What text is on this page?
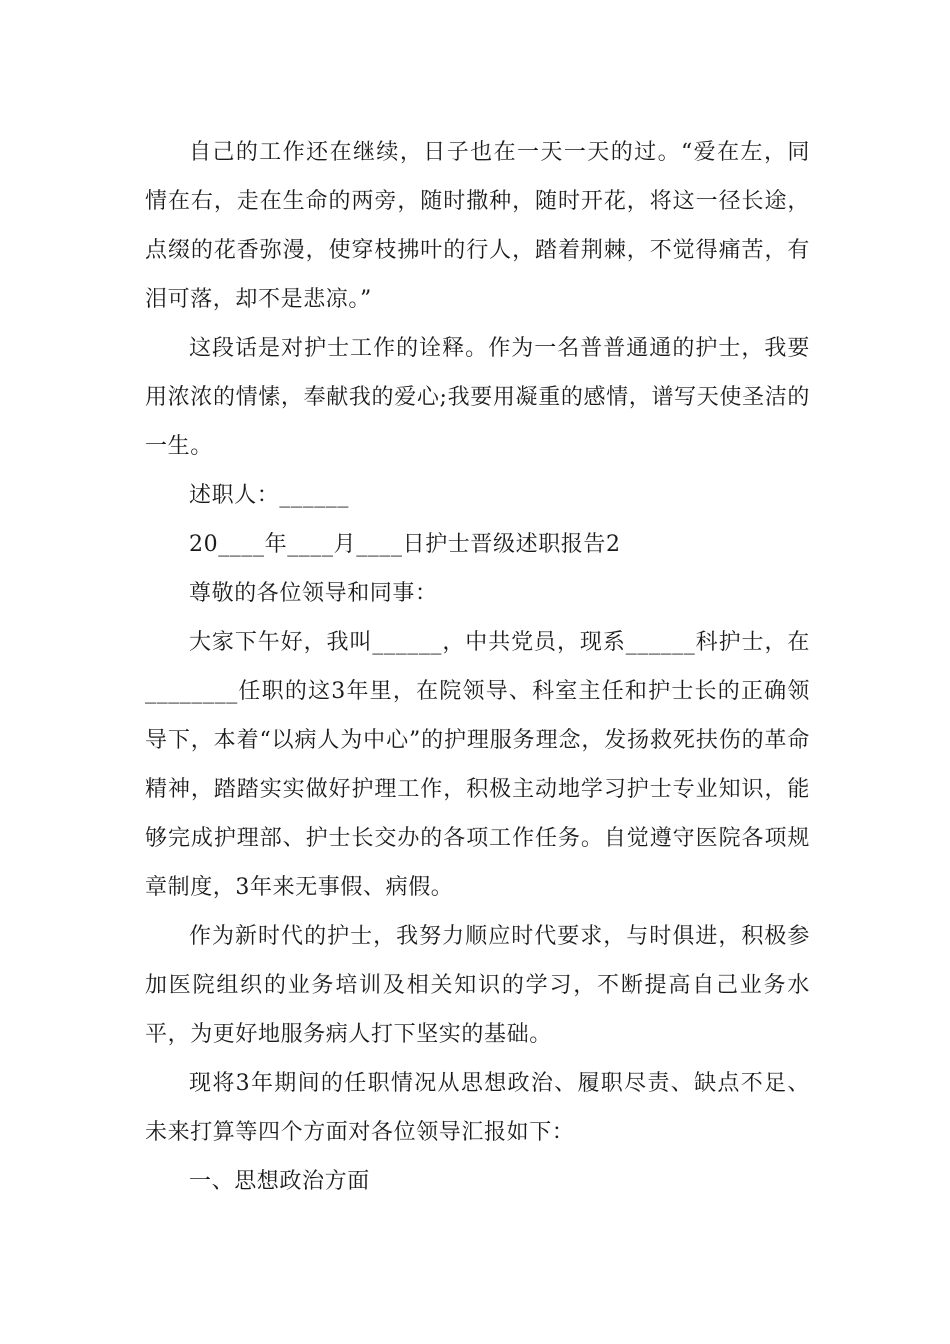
自己的工作还在继续，日子也在一天一天的过。“爱在左，同情在右，走在生命的两旁，随时撒种，随时开花，将这一径长途，点缀的花香弥漫，使穿枝拂叶的行人，踏着荆棘，不觉得痛苦，有泪可落，却不是悲凉。”

这段话是对护士工作的诠释。作为一名普普通通的护士，我要用浓浓的情愫，奉献我的爱心;我要用凝重的感情，谱写天使圣洁的一生。

述职人：______

20____年____月____日护士晋级述职报告2

尊敬的各位领导和同事：

大家下午好，我叫______，中共党员，现系______科护士，在________任职的这3年里，在院领导、科室主任和护士长的正确领导下，本着“以病人为中心”的护理服务理念，发扬救死扶伤的革命精神，踏踏实实做好护理工作，积极主动地学习护士专业知识，能够完成护理部、护士长交办的各项工作任务。自觉遵守医院各项规章制度，3年来无事假、病假。

作为新时代的护士，我努力顺应时代要求，与时俱进，积极参加医院组织的业务培训及相关知识的学习，不断提高自己业务水平，为更好地服务病人打下坚实的基础。

现将3年期间的任职情况从思想政治、履职尽责、缺点不足、未来打算等四个方面对各位领导汇报如下：

一、思想政治方面
